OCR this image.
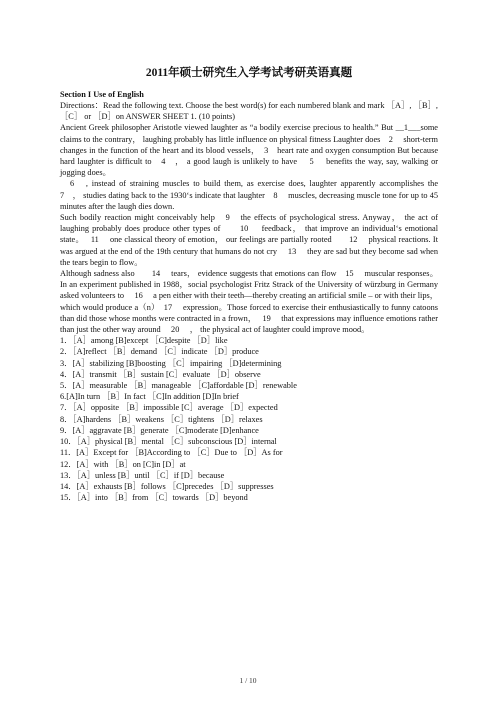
2011年硕士研究生入学考试考研英语真题
Section I Use of English
Directions：Read the following text. Choose the best word(s) for each numbered blank and mark ［A］, ［B］, ［C］ or ［D］on ANSWER SHEET 1. (10 points)

Ancient Greek philosopher Aristotle viewed laughter as “a bodily exercise precious to health.” But __1___some claims to the contrary， laughing probably has little influence on physical fitness Laughter does　2　 short-term changes in the function of the heart and its blood vessels，　3　heart rate and oxygen consumption But because hard laughter is difficult to　4　， a good laugh is unlikely to have　 5　 benefits the way, say, walking or jogging does。

　6　, instead of straining muscles to build them, as exercise does, laughter apparently accomplishes the　 7　， studies dating back to the 1930‘s indicate that laughter　8　 muscles, decreasing muscle tone for up to 45 minutes after the laugh dies down.

Such bodily reaction might conceivably help　9　the effects of psychological stress. Anyway， the act of laughing probably does produce other types of　　10　 feedback， that improve an individual‘s emotional state。　 11　 one classical theory of emotion， our feelings are partially rooted　　12　 physical reactions. It was argued at the end of the 19th century that humans do not cry　 13　 they are sad but they become sad when the tears begin to flow。

Although sadness also　　14　 tears， evidence suggests that emotions can flow　15　 muscular responses。 In an experiment published in 1988，social psychologist Fritz Strack of the University of würzburg in Germany asked volunteers to　 16　 a pen either with their teeth—thereby creating an artificial smile – or with their lips，which would produce a（n）　17　 expression。Those forced to exercise their enthusiastically to funny catoons than did those whose months were contracted in a frown，　 19　 that expressions may influence emotions rather than just the other way around　 20　 ， the physical act of laughter could improve mood。

1．［A］among [B]except ［C]despite ［D］like
2．［A]reflect ［B］demand ［C］indicate ［D］produce
3．[A］stabilizing [B]boosting ［C］impairing ［D]determining
4．[A］transmit ［B］sustain [C］evaluate ［D］observe
5．[A］measurable ［B］manageable ［C]affordable [D］renewable
6.[A]In turn ［B］In fact ［C]In addition [D]In brief
7．［A］opposite ［B］impossible [C］average ［D］expected
8．［A]hardens ［B］weakens ［C］tightens ［D］relaxes
9．[A］aggravate [B］generate ［C]moderate [D]enhance
10．［A］physical [B］mental ［C］subconscious [D］internal
11．[A］Except for ［B]According to ［C］Due to ［D］As for
12．[A］with ［B］on [C]in [D］at
13．［A］unless [B］until ［C］if [D］because
14．[A］exhausts [B］follows ［C]precedes ［D］suppresses
15．［A］into ［B］from ［C］towards ［D］beyond
1 / 10
